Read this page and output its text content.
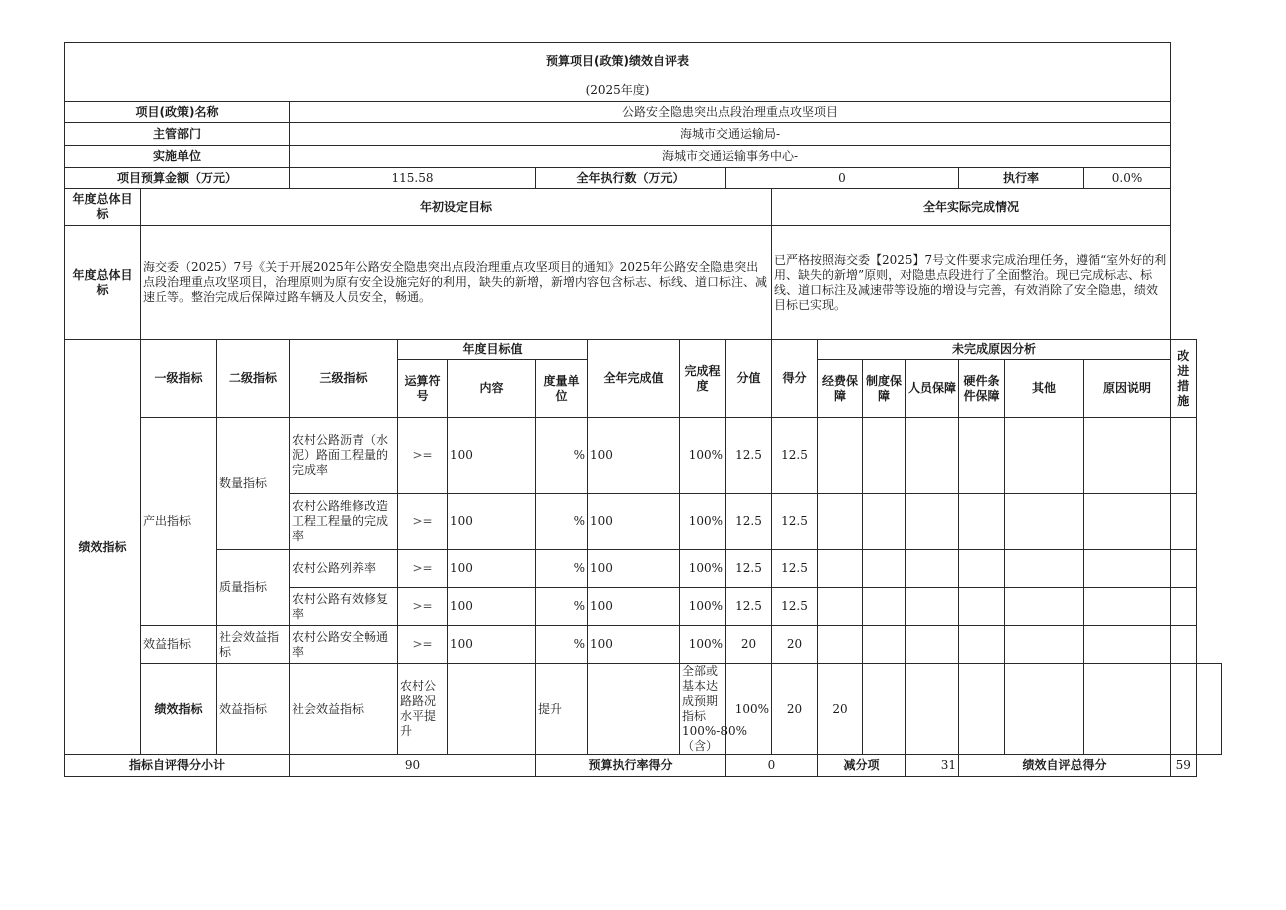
预算项目(政策)绩效自评表																		
(2025年度)																		
项目(政策)名称			公路安全隐患突出点段治理重点攻坚项目															
主管部门			海城市交通运输局-															
实施单位			海城市交通运输事务中心-															
项目预算金额（万元）			115.58			全年执行数（万元）			0					执行率		0.0%		
年度总体目标	年初设定目标									全年实际完成情况								
年度总体目标	海交委（2025）7号《关于开展2025年公路安全隐患突出点段治理重点攻坚项目的通知》2025年公路安全隐患突出点段治理重点攻坚项目，治理原则为原有安全设施完好的利用，缺失的新增，新增内容包含标志、标线、道口标注、减速丘等。整治完成后保障过路车辆及人员安全，畅通。									已严格按照海交委【2025】7号文件要求完成治理任务，遵循“室外好的利用、缺失的新增”原则，对隐患点段进行了全面整治。现已完成标志、标线、道口标注及减速带等设施的增设与完善，有效消除了安全隐患，绩效目标已实现。								
绩效指标	一级指标	二级指标	三级指标	年度目标值			全年完成值	完成程度	分值	得分	未完成原因分析						改进措施	
				运算符号	内容	度量单位					经费保障	制度保障	人员保障	硬件条件保障	其他	原因说明		
	产出指标	数量指标	农村公路沥青（水泥）路面工程量的完成率	>=	100	%	100	100%	12.5	12.5								
			农村公路维修改造工程工程量的完成率	>=	100	%	100	100%	12.5	12.5								
		质量指标	农村公路列养率	>=	100	%	100	100%	12.5	12.5								
			农村公路有效修复率	>=	100	%	100	100%	12.5	12.5								
	效益指标	社会效益指标	农村公路安全畅通率	>=	100	%	100	100%	20	20								
	绩效指标	效益指标	社会效益指标	农村公路路况水平提升		提升		全部或基本达成预期指标100%-80%（含）	100%	20	20							
指标自评得分小计			90			预算执行率得分			0		减分项		31	绩效自评总得分			59	
